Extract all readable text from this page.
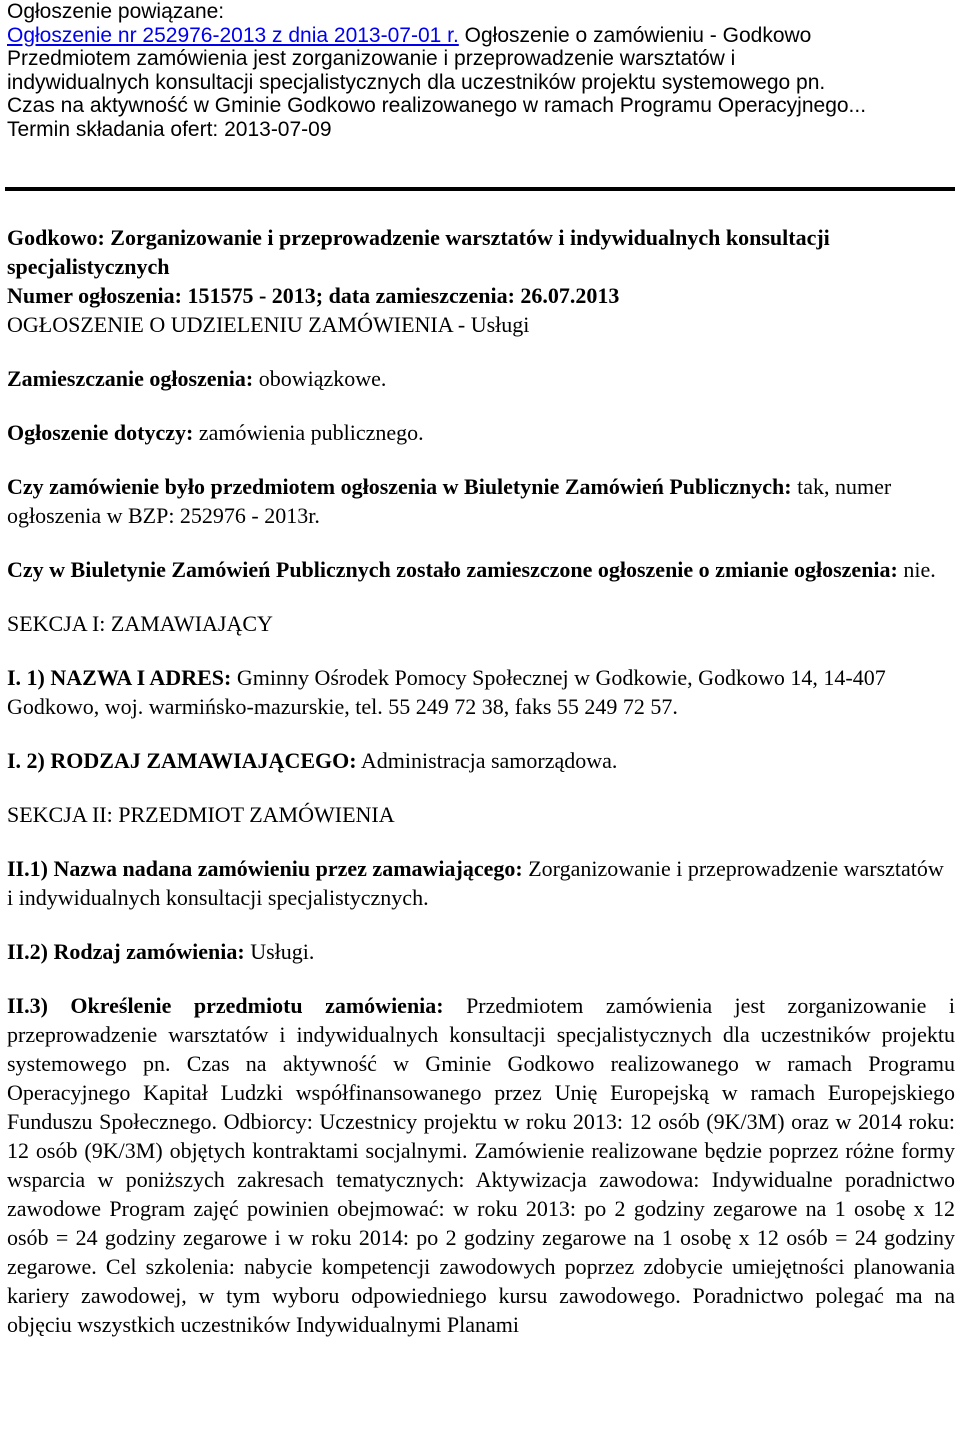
Ogłoszenie powiązane:
Ogłoszenie nr 252976-2013 z dnia 2013-07-01 r. Ogłoszenie o zamówieniu - Godkowo
Przedmiotem zamówienia jest zorganizowanie i przeprowadzenie warsztatów i
indywidualnych konsultacji specjalistycznych dla uczestników projektu systemowego pn.
Czas na aktywność w Gminie Godkowo realizowanego w ramach Programu Operacyjnego...
Termin składania ofert: 2013-07-09

Godkowo: Zorganizowanie i przeprowadzenie warsztatów i indywidualnych konsultacji specjalistycznych

Numer ogłoszenia: 151575 - 2013; data zamieszczenia: 26.07.2013

OGŁOSZENIE O UDZIELENIU ZAMÓWIENIA - Usługi

Zamieszczanie ogłoszenia: obowiązkowe.

Ogłoszenie dotyczy: zamówienia publicznego.

Czy zamówienie było przedmiotem ogłoszenia w Biuletynie Zamówień Publicznych: tak, numer ogłoszenia w BZP: 252976 - 2013r.

Czy w Biuletynie Zamówień Publicznych zostało zamieszczone ogłoszenie o zmianie ogłoszenia: nie.

SEKCJA I: ZAMAWIAJĄCY

I. 1) NAZWA I ADRES: Gminny Ośrodek Pomocy Społecznej w Godkowie, Godkowo 14, 14-407 Godkowo, woj. warmińsko-mazurskie, tel. 55 249 72 38, faks 55 249 72 57.

I. 2) RODZAJ ZAMAWIAJĄCEGO: Administracja samorządowa.

SEKCJA II: PRZEDMIOT ZAMÓWIENIA

II.1) Nazwa nadana zamówieniu przez zamawiającego: Zorganizowanie i przeprowadzenie warsztatów i indywidualnych konsultacji specjalistycznych.

II.2) Rodzaj zamówienia: Usługi.

II.3) Określenie przedmiotu zamówienia: Przedmiotem zamówienia jest zorganizowanie i przeprowadzenie warsztatów i indywidualnych konsultacji specjalistycznych dla uczestników projektu systemowego pn. Czas na aktywność w Gminie Godkowo realizowanego w ramach Programu Operacyjnego Kapitał Ludzki współfinansowanego przez Unię Europejską w ramach Europejskiego Funduszu Społecznego. Odbiorcy: Uczestnicy projektu w roku 2013: 12 osób (9K/3M) oraz w 2014 roku: 12 osób (9K/3M) objętych kontraktami socjalnymi. Zamówienie realizowane będzie poprzez różne formy wsparcia w poniższych zakresach tematycznych: Aktywizacja zawodowa: Indywidualne poradnictwo zawodowe Program zajęć powinien obejmować: w roku 2013: po 2 godziny zegarowe na 1 osobę x 12 osób = 24 godziny zegarowe i w roku 2014: po 2 godziny zegarowe na 1 osobę x 12 osób = 24 godziny zegarowe. Cel szkolenia: nabycie kompetencji zawodowych poprzez zdobycie umiejętności planowania kariery zawodowej, w tym wyboru odpowiedniego kursu zawodowego. Poradnictwo polegać ma na objęciu wszystkich uczestników Indywidualnymi Planami
